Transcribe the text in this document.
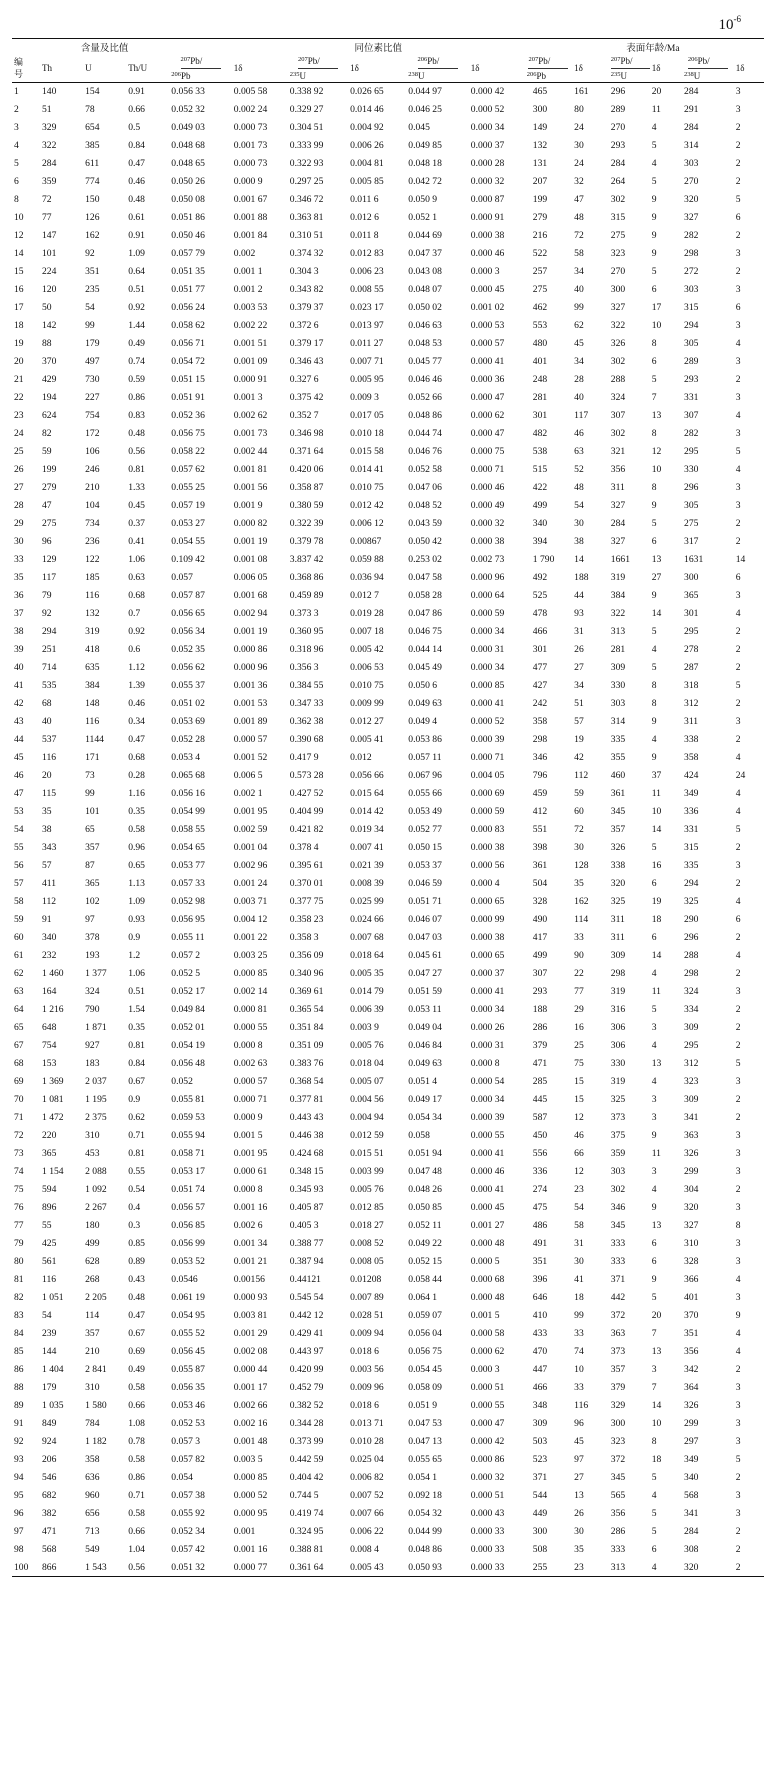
$10^{-6}$
	含量及比值					同位素比值					表面年龄/Ma				

编
号	Th	U	Th/U	$^{207}$Pb/
$^{206}$Pb	1δ	$^{207}$Pb/
$^{235}$U	1δ	$^{206}$Pb/
$^{238}$U	1δ	$^{207}$Pb/
$^{206}$Pb	1δ	$^{207}$Pb/
$^{235}$U	1δ	$^{206}$Pb/
$^{238}$U	1δ

1	140	154	0.91	0.056 33	0.005 58	0.338 92	0.026 65	0.044 97	0.000 42	465	161	296	20	284	3
2	51	78	0.66	0.052 32	0.002 24	0.329 27	0.014 46	0.046 25	0.000 52	300	80	289	11	291	3
3	329	654	0.5	0.049 03	0.000 73	0.304 51	0.004 92	0.045	0.000 34	149	24	270	4	284	2
4	322	385	0.84	0.048 68	0.001 73	0.333 99	0.006 26	0.049 85	0.000 37	132	30	293	5	314	2
5	284	611	0.47	0.048 65	0.000 73	0.322 93	0.004 81	0.048 18	0.000 28	131	24	284	4	303	2
6	359	774	0.46	0.050 26	0.000 9	0.297 25	0.005 85	0.042 72	0.000 32	207	32	264	5	270	2
8	72	150	0.48	0.050 08	0.001 67	0.346 72	0.011 6	0.050 9	0.000 87	199	47	302	9	320	5
10	77	126	0.61	0.051 86	0.001 88	0.363 81	0.012 6	0.052 1	0.000 91	279	48	315	9	327	6
12	147	162	0.91	0.050 46	0.001 84	0.310 51	0.011 8	0.044 69	0.000 38	216	72	275	9	282	2
14	101	92	1.09	0.057 79	0.002	0.374 32	0.012 83	0.047 37	0.000 46	522	58	323	9	298	3
15	224	351	0.64	0.051 35	0.001 1	0.304 3	0.006 23	0.043 08	0.000 3	257	34	270	5	272	2
16	120	235	0.51	0.051 77	0.001 2	0.343 82	0.008 55	0.048 07	0.000 45	275	40	300	6	303	3
17	50	54	0.92	0.056 24	0.003 53	0.379 37	0.023 17	0.050 02	0.001 02	462	99	327	17	315	6
18	142	99	1.44	0.058 62	0.002 22	0.372 6	0.013 97	0.046 63	0.000 53	553	62	322	10	294	3
19	88	179	0.49	0.056 71	0.001 51	0.379 17	0.011 27	0.048 53	0.000 57	480	45	326	8	305	4
20	370	497	0.74	0.054 72	0.001 09	0.346 43	0.007 71	0.045 77	0.000 41	401	34	302	6	289	3
21	429	730	0.59	0.051 15	0.000 91	0.327 6	0.005 95	0.046 46	0.000 36	248	28	288	5	293	2
22	194	227	0.86	0.051 91	0.001 3	0.375 42	0.009 3	0.052 66	0.000 47	281	40	324	7	331	3
23	624	754	0.83	0.052 36	0.002 62	0.352 7	0.017 05	0.048 86	0.000 62	301	117	307	13	307	4
24	82	172	0.48	0.056 75	0.001 73	0.346 98	0.010 18	0.044 74	0.000 47	482	46	302	8	282	3
25	59	106	0.56	0.058 22	0.002 44	0.371 64	0.015 58	0.046 76	0.000 75	538	63	321	12	295	5
26	199	246	0.81	0.057 62	0.001 81	0.420 06	0.014 41	0.052 58	0.000 71	515	52	356	10	330	4
27	279	210	1.33	0.055 25	0.001 56	0.358 87	0.010 75	0.047 06	0.000 46	422	48	311	8	296	3
28	47	104	0.45	0.057 19	0.001 9	0.380 59	0.012 42	0.048 52	0.000 49	499	54	327	9	305	3
29	275	734	0.37	0.053 27	0.000 82	0.322 39	0.006 12	0.043 59	0.000 32	340	30	284	5	275	2
30	96	236	0.41	0.054 55	0.001 19	0.379 78	0.00867	0.050 42	0.000 38	394	38	327	6	317	2
33	129	122	1.06	0.109 42	0.001 08	3.837 42	0.059 88	0.253 02	0.002 73	1 790	14	1661	13	1631	14
35	117	185	0.63	0.057	0.006 05	0.368 86	0.036 94	0.047 58	0.000 96	492	188	319	27	300	6
36	79	116	0.68	0.057 87	0.001 68	0.459 89	0.012 7	0.058 28	0.000 64	525	44	384	9	365	3
37	92	132	0.7	0.056 65	0.002 94	0.373 3	0.019 28	0.047 86	0.000 59	478	93	322	14	301	4
38	294	319	0.92	0.056 34	0.001 19	0.360 95	0.007 18	0.046 75	0.000 34	466	31	313	5	295	2
39	251	418	0.6	0.052 35	0.000 86	0.318 96	0.005 42	0.044 14	0.000 31	301	26	281	4	278	2
40	714	635	1.12	0.056 62	0.000 96	0.356 3	0.006 53	0.045 49	0.000 34	477	27	309	5	287	2
41	535	384	1.39	0.055 37	0.001 36	0.384 55	0.010 75	0.050 6	0.000 85	427	34	330	8	318	5
42	68	148	0.46	0.051 02	0.001 53	0.347 33	0.009 99	0.049 63	0.000 41	242	51	303	8	312	2
43	40	116	0.34	0.053 69	0.001 89	0.362 38	0.012 27	0.049 4	0.000 52	358	57	314	9	311	3
44	537	1144	0.47	0.052 28	0.000 57	0.390 68	0.005 41	0.053 86	0.000 39	298	19	335	4	338	2
45	116	171	0.68	0.053 4	0.001 52	0.417 9	0.012	0.057 11	0.000 71	346	42	355	9	358	4
46	20	73	0.28	0.065 68	0.006 5	0.573 28	0.056 66	0.067 96	0.004 05	796	112	460	37	424	24
47	115	99	1.16	0.056 16	0.002 1	0.427 52	0.015 64	0.055 66	0.000 69	459	59	361	11	349	4
53	35	101	0.35	0.054 99	0.001 95	0.404 99	0.014 42	0.053 49	0.000 59	412	60	345	10	336	4
54	38	65	0.58	0.058 55	0.002 59	0.421 82	0.019 34	0.052 77	0.000 83	551	72	357	14	331	5
55	343	357	0.96	0.054 65	0.001 04	0.378 4	0.007 41	0.050 15	0.000 38	398	30	326	5	315	2
56	57	87	0.65	0.053 77	0.002 96	0.395 61	0.021 39	0.053 37	0.000 56	361	128	338	16	335	3
57	411	365	1.13	0.057 33	0.001 24	0.370 01	0.008 39	0.046 59	0.000 4	504	35	320	6	294	2
58	112	102	1.09	0.052 98	0.003 71	0.377 75	0.025 99	0.051 71	0.000 65	328	162	325	19	325	4
59	91	97	0.93	0.056 95	0.004 12	0.358 23	0.024 66	0.046 07	0.000 99	490	114	311	18	290	6
60	340	378	0.9	0.055 11	0.001 22	0.358 3	0.007 68	0.047 03	0.000 38	417	33	311	6	296	2
61	232	193	1.2	0.057 2	0.003 25	0.356 09	0.018 64	0.045 61	0.000 65	499	90	309	14	288	4
62	1 460	1 377	1.06	0.052 5	0.000 85	0.340 96	0.005 35	0.047 27	0.000 37	307	22	298	4	298	2
63	164	324	0.51	0.052 17	0.002 14	0.369 61	0.014 79	0.051 59	0.000 41	293	77	319	11	324	3
64	1 216	790	1.54	0.049 84	0.000 81	0.365 54	0.006 39	0.053 11	0.000 34	188	29	316	5	334	2
65	648	1 871	0.35	0.052 01	0.000 55	0.351 84	0.003 9	0.049 04	0.000 26	286	16	306	3	309	2
67	754	927	0.81	0.054 19	0.000 8	0.351 09	0.005 76	0.046 84	0.000 31	379	25	306	4	295	2
68	153	183	0.84	0.056 48	0.002 63	0.383 76	0.018 04	0.049 63	0.000 8	471	75	330	13	312	5
69	1 369	2 037	0.67	0.052	0.000 57	0.368 54	0.005 07	0.051 4	0.000 54	285	15	319	4	323	3
70	1 081	1 195	0.9	0.055 81	0.000 71	0.377 81	0.004 56	0.049 17	0.000 34	445	15	325	3	309	2
71	1 472	2 375	0.62	0.059 53	0.000 9	0.443 43	0.004 94	0.054 34	0.000 39	587	12	373	3	341	2
72	220	310	0.71	0.055 94	0.001 5	0.446 38	0.012 59	0.058	0.000 55	450	46	375	9	363	3
73	365	453	0.81	0.058 71	0.001 95	0.424 68	0.015 51	0.051 94	0.000 41	556	66	359	11	326	3
74	1 154	2 088	0.55	0.053 17	0.000 61	0.348 15	0.003 99	0.047 48	0.000 46	336	12	303	3	299	3
75	594	1 092	0.54	0.051 74	0.000 8	0.345 93	0.005 76	0.048 26	0.000 41	274	23	302	4	304	2
76	896	2 267	0.4	0.056 57	0.001 16	0.405 87	0.012 85	0.050 85	0.000 45	475	54	346	9	320	3
77	55	180	0.3	0.056 85	0.002 6	0.405 3	0.018 27	0.052 11	0.001 27	486	58	345	13	327	8
79	425	499	0.85	0.056 99	0.001 34	0.388 77	0.008 52	0.049 22	0.000 48	491	31	333	6	310	3
80	561	628	0.89	0.053 52	0.001 21	0.387 94	0.008 05	0.052 15	0.000 5	351	30	333	6	328	3
81	116	268	0.43	0.0546	0.00156	0.44121	0.01208	0.058 44	0.000 68	396	41	371	9	366	4
82	1 051	2 205	0.48	0.061 19	0.000 93	0.545 54	0.007 89	0.064 1	0.000 48	646	18	442	5	401	3
83	54	114	0.47	0.054 95	0.003 81	0.442 12	0.028 51	0.059 07	0.001 5	410	99	372	20	370	9
84	239	357	0.67	0.055 52	0.001 29	0.429 41	0.009 94	0.056 04	0.000 58	433	33	363	7	351	4
85	144	210	0.69	0.056 45	0.002 08	0.443 97	0.018 6	0.056 75	0.000 62	470	74	373	13	356	4
86	1 404	2 841	0.49	0.055 87	0.000 44	0.420 99	0.003 56	0.054 45	0.000 3	447	10	357	3	342	2
88	179	310	0.58	0.056 35	0.001 17	0.452 79	0.009 96	0.058 09	0.000 51	466	33	379	7	364	3
89	1 035	1 580	0.66	0.053 46	0.002 66	0.382 52	0.018 6	0.051 9	0.000 55	348	116	329	14	326	3
91	849	784	1.08	0.052 53	0.002 16	0.344 28	0.013 71	0.047 53	0.000 47	309	96	300	10	299	3
92	924	1 182	0.78	0.057 3	0.001 48	0.373 99	0.010 28	0.047 13	0.000 42	503	45	323	8	297	3
93	206	358	0.58	0.057 82	0.003 5	0.442 59	0.025 04	0.055 65	0.000 86	523	97	372	18	349	5
94	546	636	0.86	0.054	0.000 85	0.404 42	0.006 82	0.054 1	0.000 32	371	27	345	5	340	2
95	682	960	0.71	0.057 38	0.000 52	0.744 5	0.007 52	0.092 18	0.000 51	544	13	565	4	568	3
96	382	656	0.58	0.055 92	0.000 95	0.419 74	0.007 66	0.054 32	0.000 43	449	26	356	5	341	3
97	471	713	0.66	0.052 34	0.001	0.324 95	0.006 22	0.044 99	0.000 33	300	30	286	5	284	2
98	568	549	1.04	0.057 42	0.001 16	0.388 81	0.008 4	0.048 86	0.000 33	508	35	333	6	308	2
100	866	1 543	0.56	0.051 32	0.000 77	0.361 64	0.005 43	0.050 93	0.000 33	255	23	313	4	320	2
